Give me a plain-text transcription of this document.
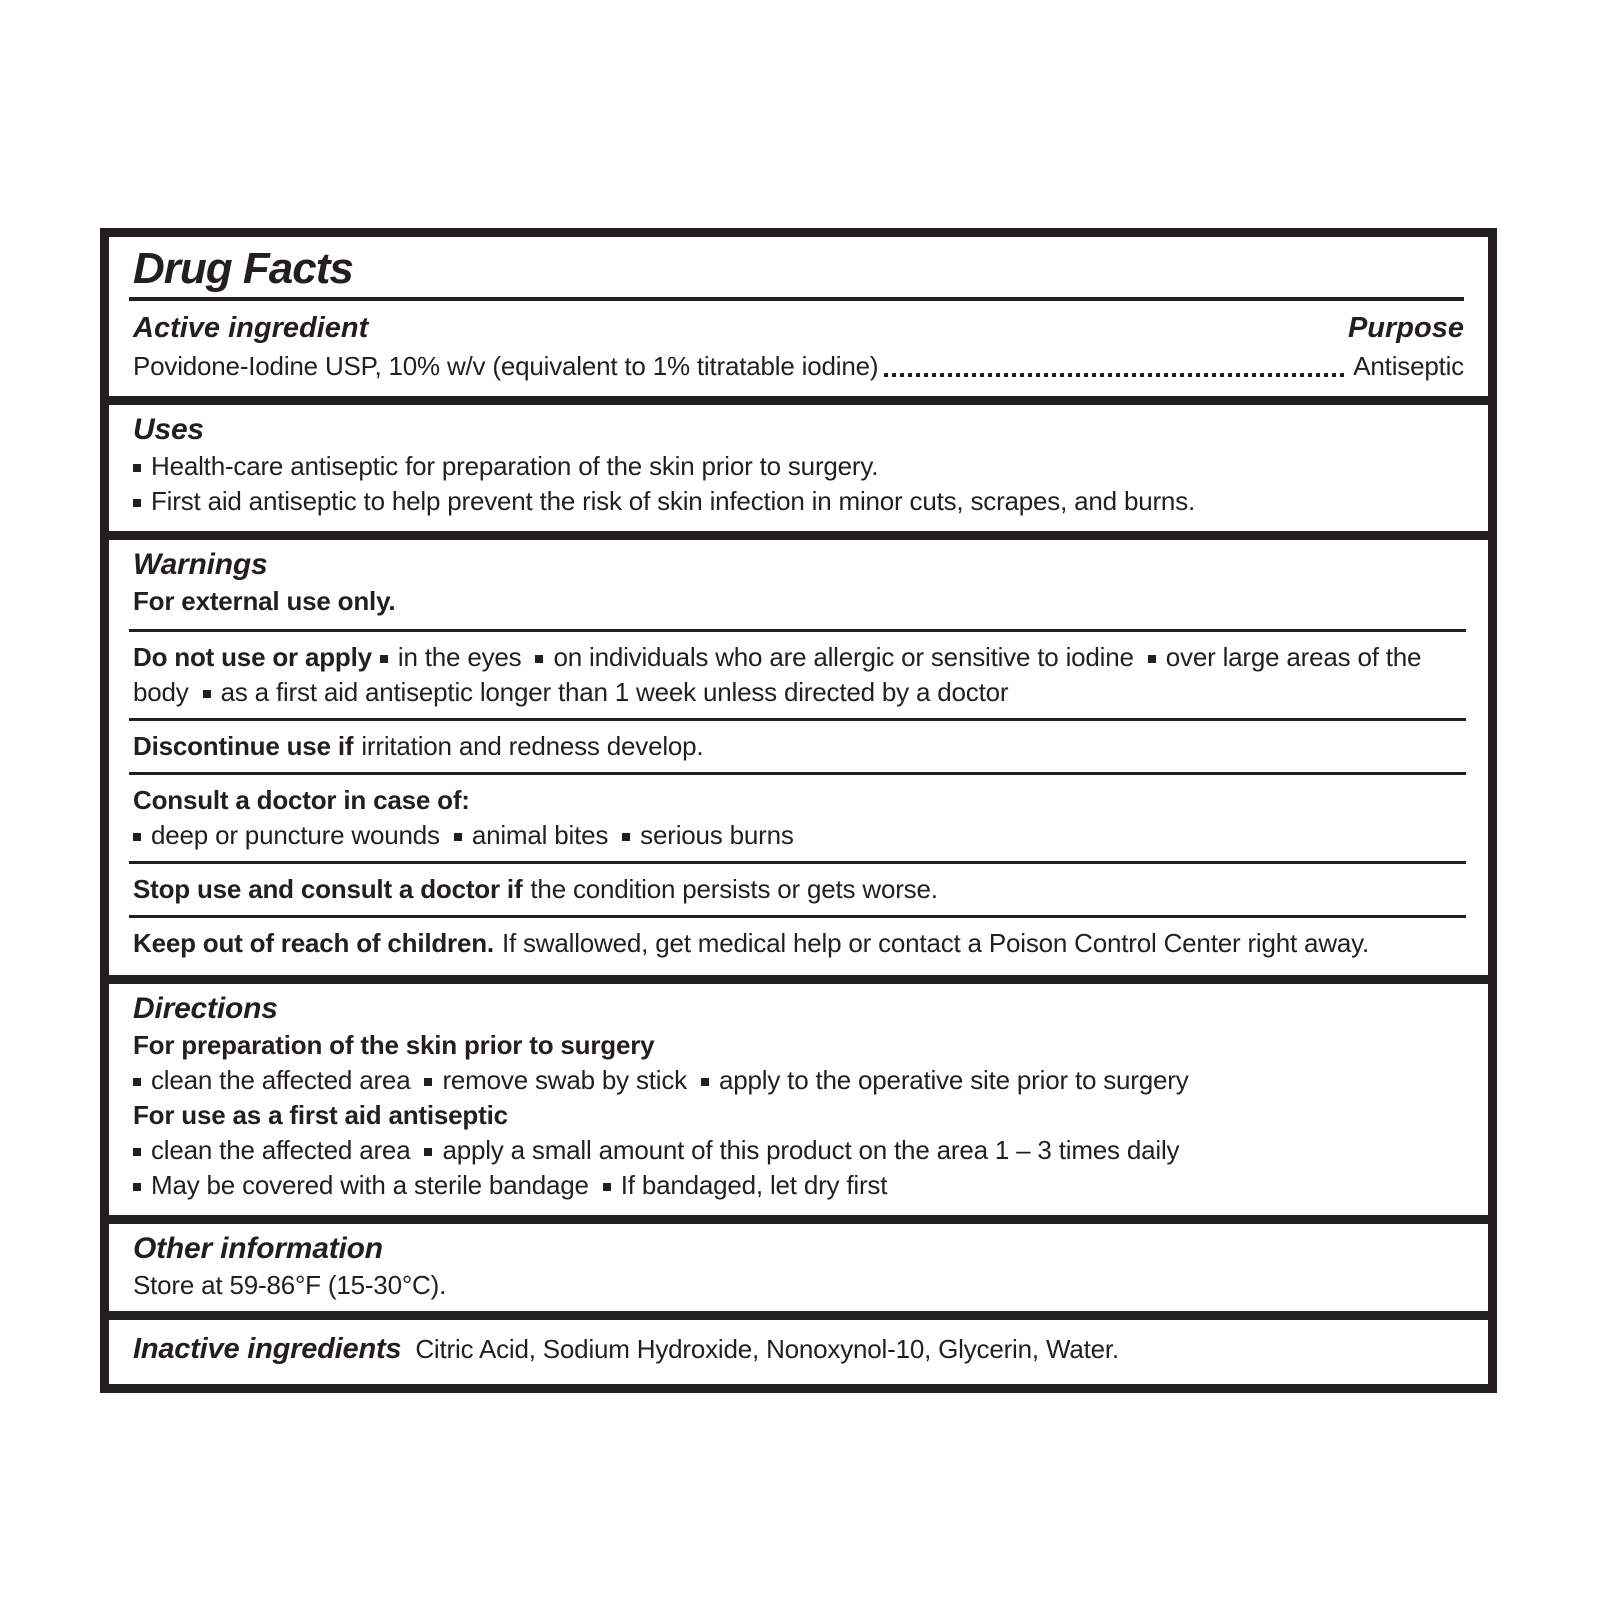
Drug Facts
Active ingredient	Purpose
Povidone-Iodine USP, 10% w/v (equivalent to 1% titratable iodine)	Antiseptic
Uses
Health-care antiseptic for preparation of the skin prior to surgery.
First aid antiseptic to help prevent the risk of skin infection in minor cuts, scrapes, and burns.
Warnings
For external use only.
Do not use or apply in the eyes on individuals who are allergic or sensitive to iodine over large areas of the body as a first aid antiseptic longer than 1 week unless directed by a doctor
Discontinue use if irritation and redness develop.
Consult a doctor in case of:
deep or puncture wounds animal bites serious burns
Stop use and consult a doctor if the condition persists or gets worse.
Keep out of reach of children. If swallowed, get medical help or contact a Poison Control Center right away.
Directions
For preparation of the skin prior to surgery
clean the affected area remove swab by stick apply to the operative site prior to surgery
For use as a first aid antiseptic
clean the affected area apply a small amount of this product on the area 1 – 3 times daily
May be covered with a sterile bandage If bandaged, let dry first
Other information
Store at 59-86°F (15-30°C).
Inactive ingredients Citric Acid, Sodium Hydroxide, Nonoxynol-10, Glycerin, Water.
